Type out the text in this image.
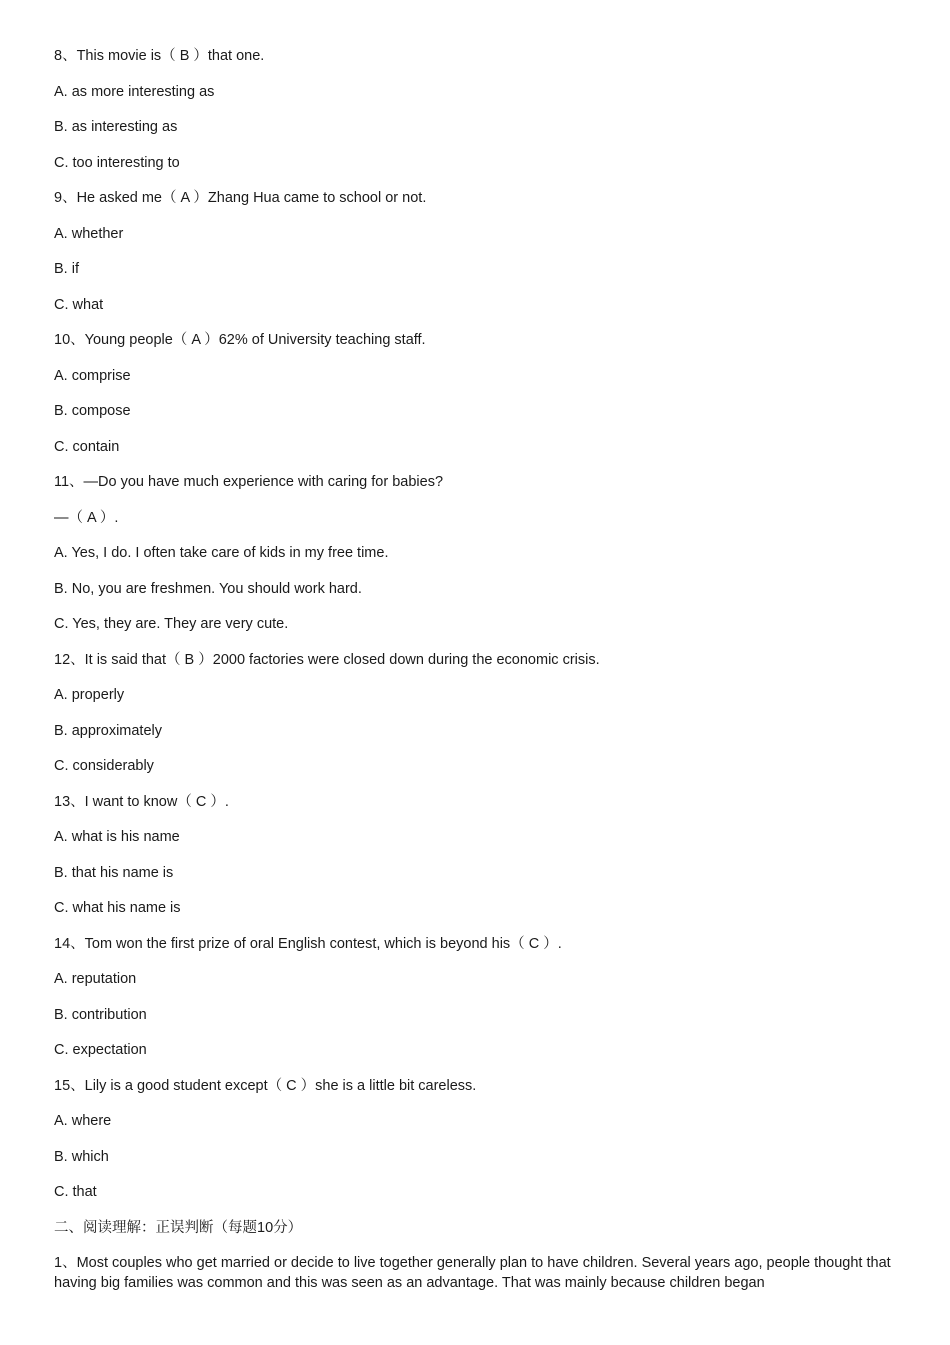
8、This movie is（ B ）that one.
A. as more interesting as
B. as interesting as
C. too interesting to
9、He asked me（ A ）Zhang Hua came to school or not.
A. whether
B. if
C. what
10、Young people（ A ）62% of University teaching staff.
A. comprise
B. compose
C. contain
11、—Do you have much experience with caring for babies?
—（ A ）.
A. Yes, I do. I often take care of kids in my free time.
B. No, you are freshmen. You should work hard.
C. Yes, they are. They are very cute.
12、It is said that（ B ）2000 factories were closed down during the economic crisis.
A. properly
B. approximately
C. considerably
13、I want to know（ C ）.
A. what is his name
B. that his name is
C. what his name is
14、Tom won the first prize of oral English contest, which is beyond his（ C ）.
A. reputation
B. contribution
C. expectation
15、Lily is a good student except（ C ）she is a little bit careless.
A. where
B. which
C. that
二、阅读理解：正误判断（每题10分）

1、Most couples who get married or decide to live together generally plan to have children. Several years ago, people thought that having big families was common and this was seen as an advantage. That was mainly because children began
